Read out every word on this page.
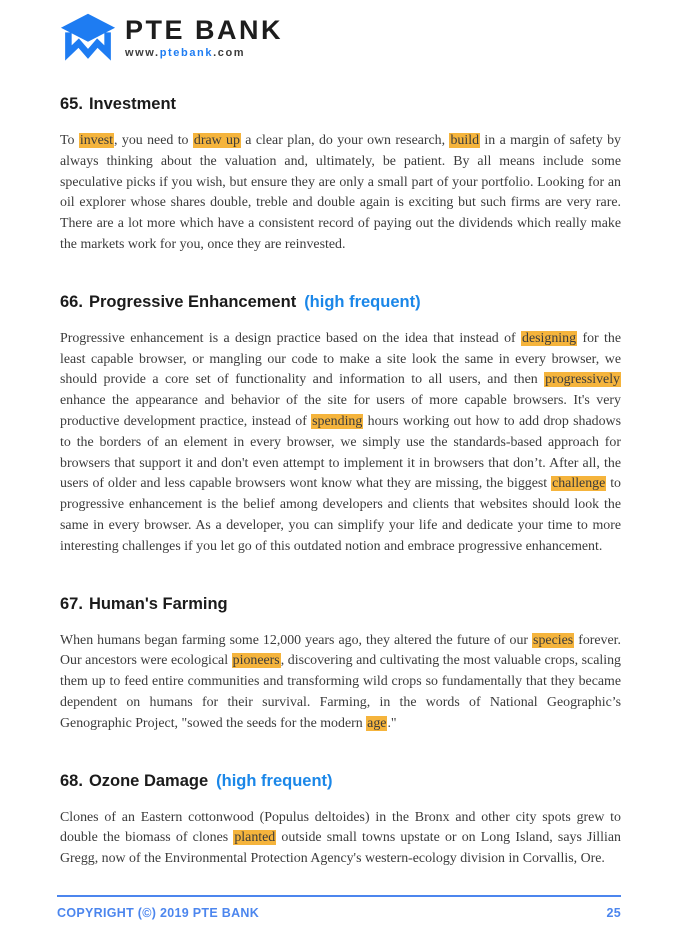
PTE BANK
www.ptebank.com
65. Investment

To invest, you need to draw up a clear plan, do your own research, build in a margin of safety by always thinking about the valuation and, ultimately, be patient. By all means include some speculative picks if you wish, but ensure they are only a small part of your portfolio. Looking for an oil explorer whose shares double, treble and double again is exciting but such firms are very rare. There are a lot more which have a consistent record of paying out the dividends which really make the markets work for you, once they are reinvested.

66. Progressive Enhancement (high frequent)

Progressive enhancement is a design practice based on the idea that instead of designing for the least capable browser, or mangling our code to make a site look the same in every browser, we should provide a core set of functionality and information to all users, and then progressively enhance the appearance and behavior of the site for users of more capable browsers. It's very productive development practice, instead of spending hours working out how to add drop shadows to the borders of an element in every browser, we simply use the standards-based approach for browsers that support it and don't even attempt to implement it in browsers that don’t. After all, the users of older and less capable browsers wont know what they are missing, the biggest challenge to progressive enhancement is the belief among developers and clients that websites should look the same in every browser. As a developer, you can simplify your life and dedicate your time to more interesting challenges if you let go of this outdated notion and embrace progressive enhancement.

67. Human's Farming

When humans began farming some 12,000 years ago, they altered the future of our species forever. Our ancestors were ecological pioneers, discovering and cultivating the most valuable crops, scaling them up to feed entire communities and transforming wild crops so fundamentally that they became dependent on humans for their survival. Farming, in the words of National Geographic’s Genographic Project, "sowed the seeds for the modern age."

68. Ozone Damage (high frequent)

Clones of an Eastern cottonwood (Populus deltoides) in the Bronx and other city spots grew to double the biomass of clones planted outside small towns upstate or on Long Island, says Jillian Gregg, now of the Environmental Protection Agency's western-ecology division in Corvallis, Ore.

COPYRIGHT (©) 2019 PTE BANK	25
